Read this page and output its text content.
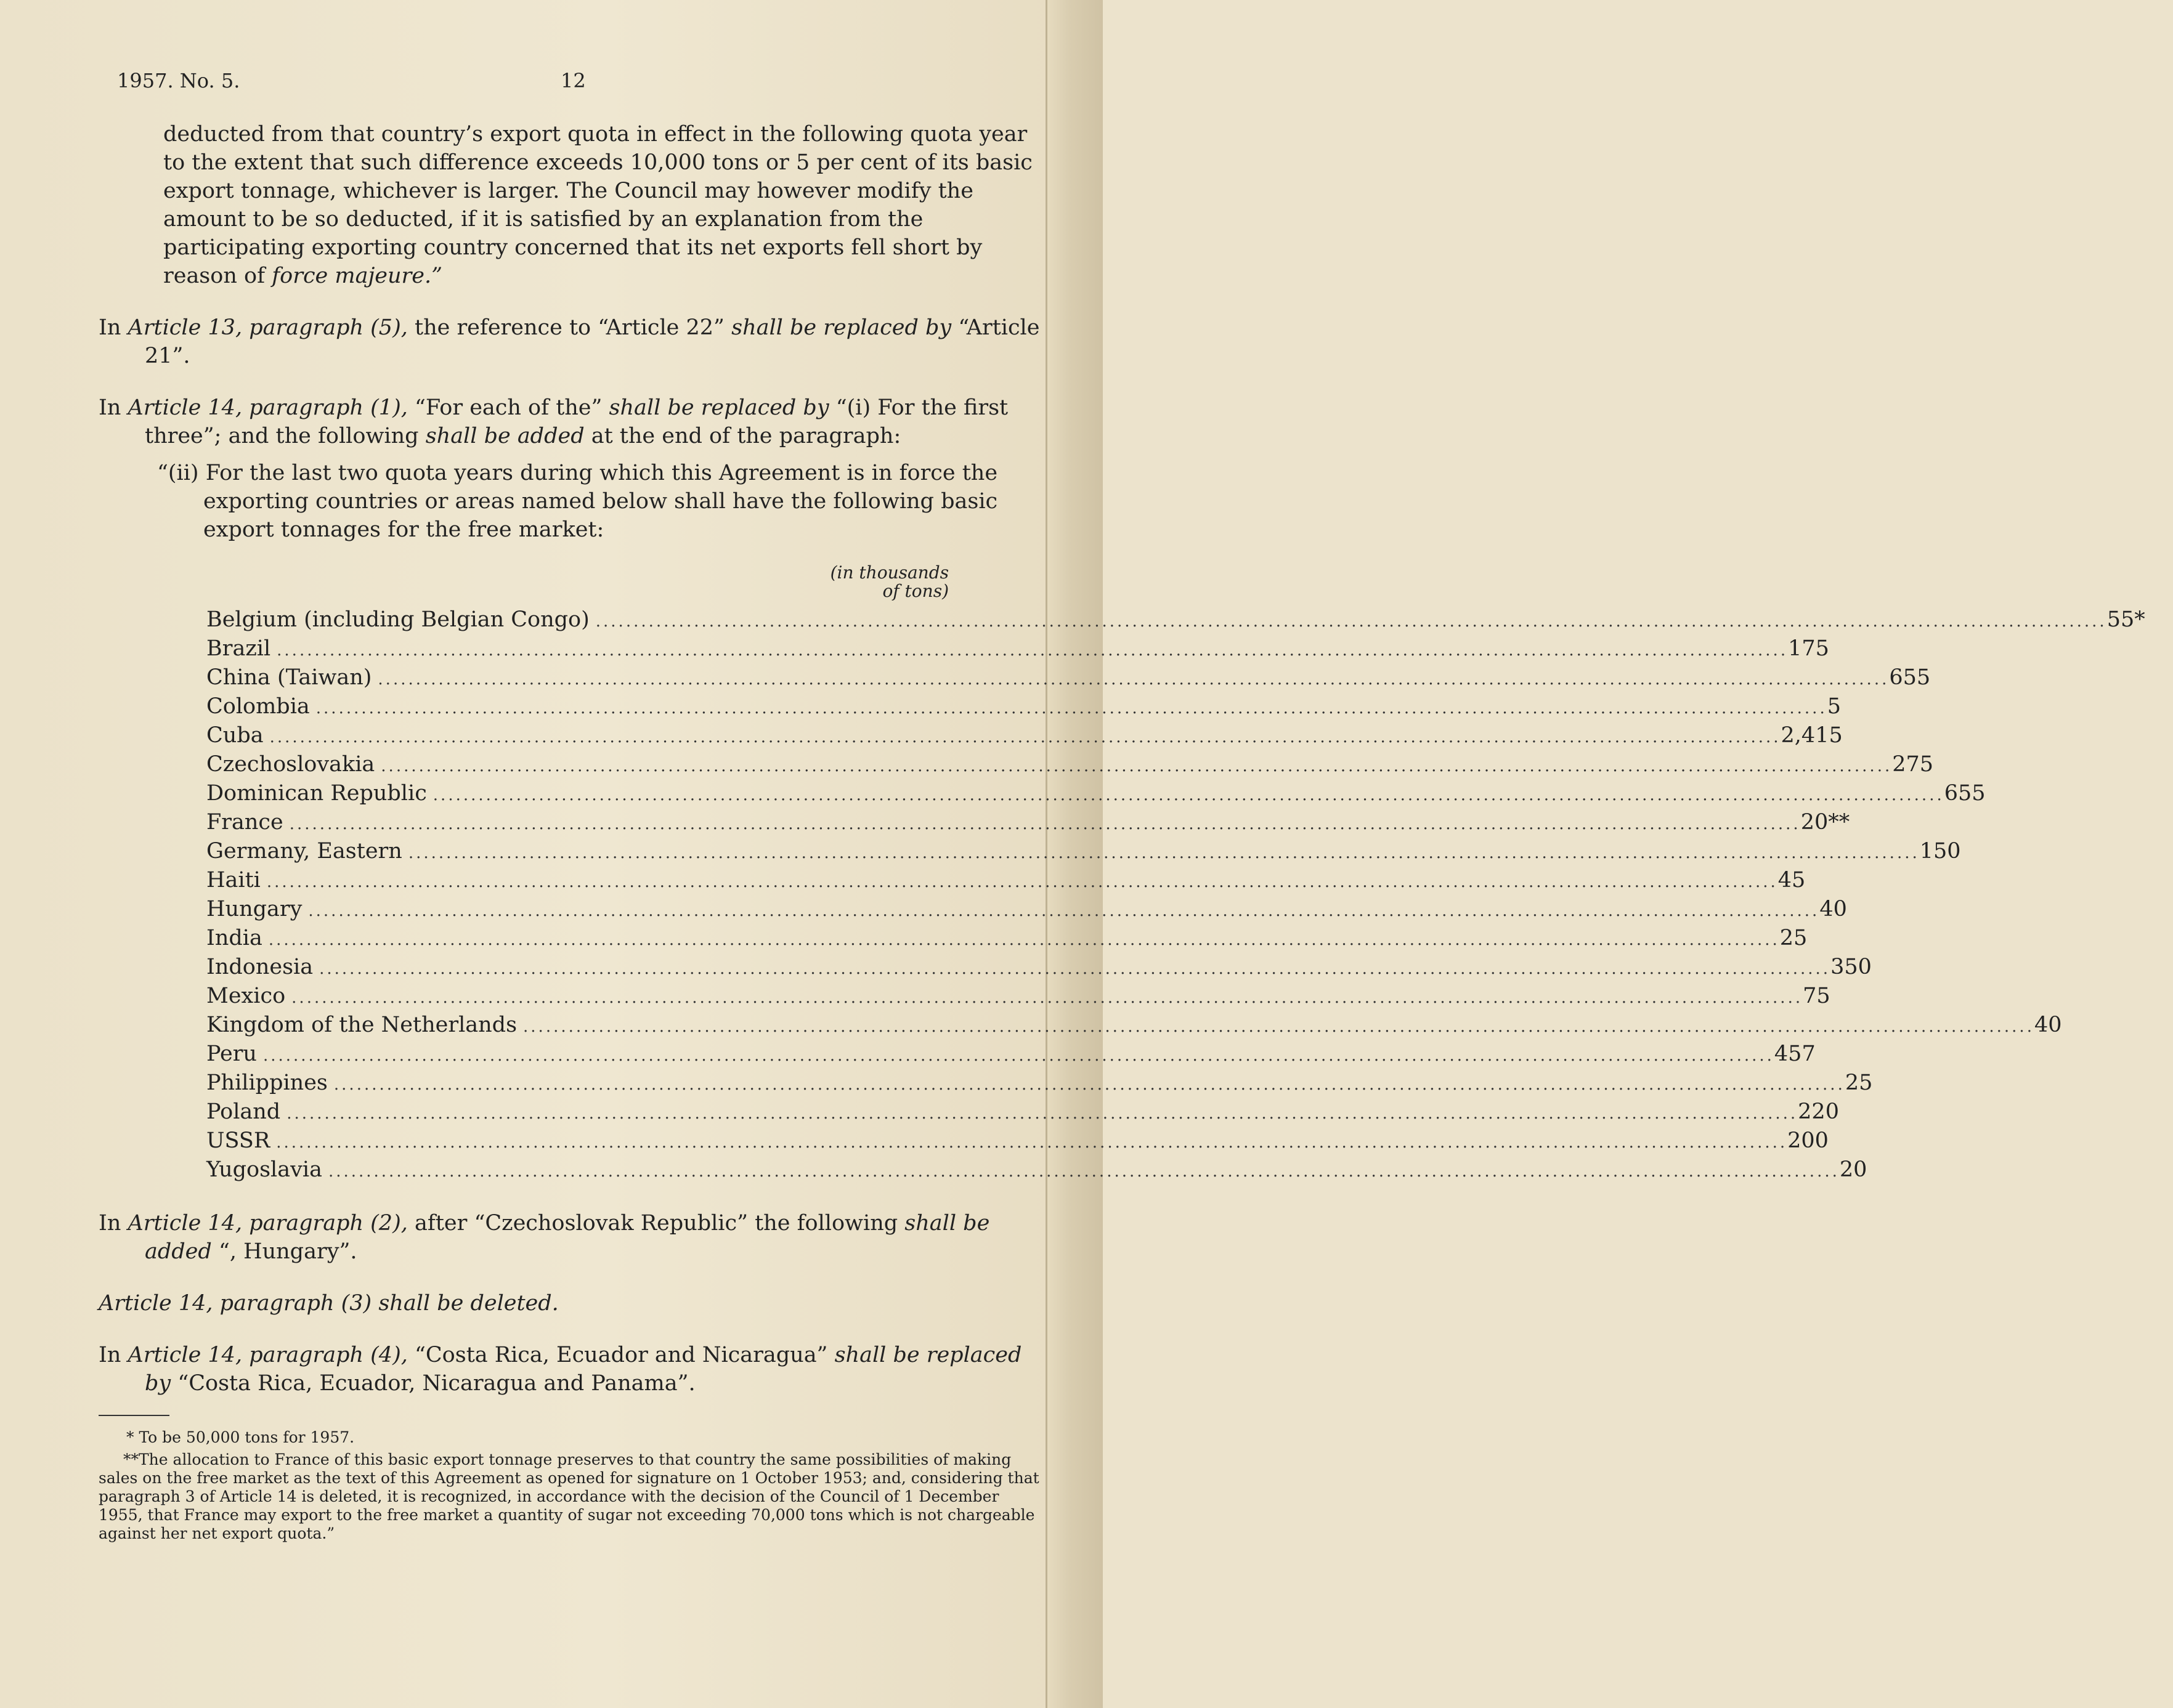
1957. No. 5.	12

deducted from that country’s export quota in effect in the following quota year to the extent that such difference exceeds 10,000 tons or 5 per cent of its basic export tonnage, whichever is larger. The Council may however modify the amount to be so deducted, if it is satisfied by an explanation from the participating exporting country concerned that its net exports fell short by reason of force majeure.”

In Article 13, paragraph (5), the reference to “Article 22” shall be replaced by “Article 21”.

In Article 14, paragraph (1), “For each of the” shall be replaced by “(i) For the first three”; and the following shall be added at the end of the paragraph:

“(ii) For the last two quota years during which this Agreement is in force the exporting countries or areas named below shall have the following basic export tonnages for the free market:

(in thousands
of tons)
Belgium (including Belgian Congo) ........................................................................................................................................................................................................ 55*
Brazil ........................................................................................................................................................................................................ 175
China (Taiwan) ........................................................................................................................................................................................................ 655
Colombia ........................................................................................................................................................................................................ 5
Cuba ........................................................................................................................................................................................................ 2,415
Czechoslovakia ........................................................................................................................................................................................................ 275
Dominican Republic ........................................................................................................................................................................................................ 655
France ........................................................................................................................................................................................................ 20**
Germany, Eastern ........................................................................................................................................................................................................ 150
Haiti ........................................................................................................................................................................................................ 45
Hungary ........................................................................................................................................................................................................ 40
India ........................................................................................................................................................................................................ 25
Indonesia ........................................................................................................................................................................................................ 350
Mexico ........................................................................................................................................................................................................ 75
Kingdom of the Netherlands ........................................................................................................................................................................................................ 40
Peru ........................................................................................................................................................................................................ 457
Philippines ........................................................................................................................................................................................................ 25
Poland ........................................................................................................................................................................................................ 220
USSR ........................................................................................................................................................................................................ 200
Yugoslavia ........................................................................................................................................................................................................ 20

In Article 14, paragraph (2), after “Czechoslovak Republic” the following shall be added “, Hungary”.

Article 14, paragraph (3) shall be deleted.

In Article 14, paragraph (4), “Costa Rica, Ecuador and Nicaragua” shall be replaced by “Costa Rica, Ecuador, Nicaragua and Panama”.

* To be 50,000 tons for 1957.

**The allocation to France of this basic export tonnage preserves to that country the same possibilities of making sales on the free market as the text of this Agreement as opened for signature on 1 October 1953; and, considering that paragraph 3 of Article 14 is deleted, it is recognized, in accordance with the decision of the Council of 1 December 1955, that France may export to the free market a quantity of sugar not exceeding 70,000 tons which is not chargeable against her net export quota.”
